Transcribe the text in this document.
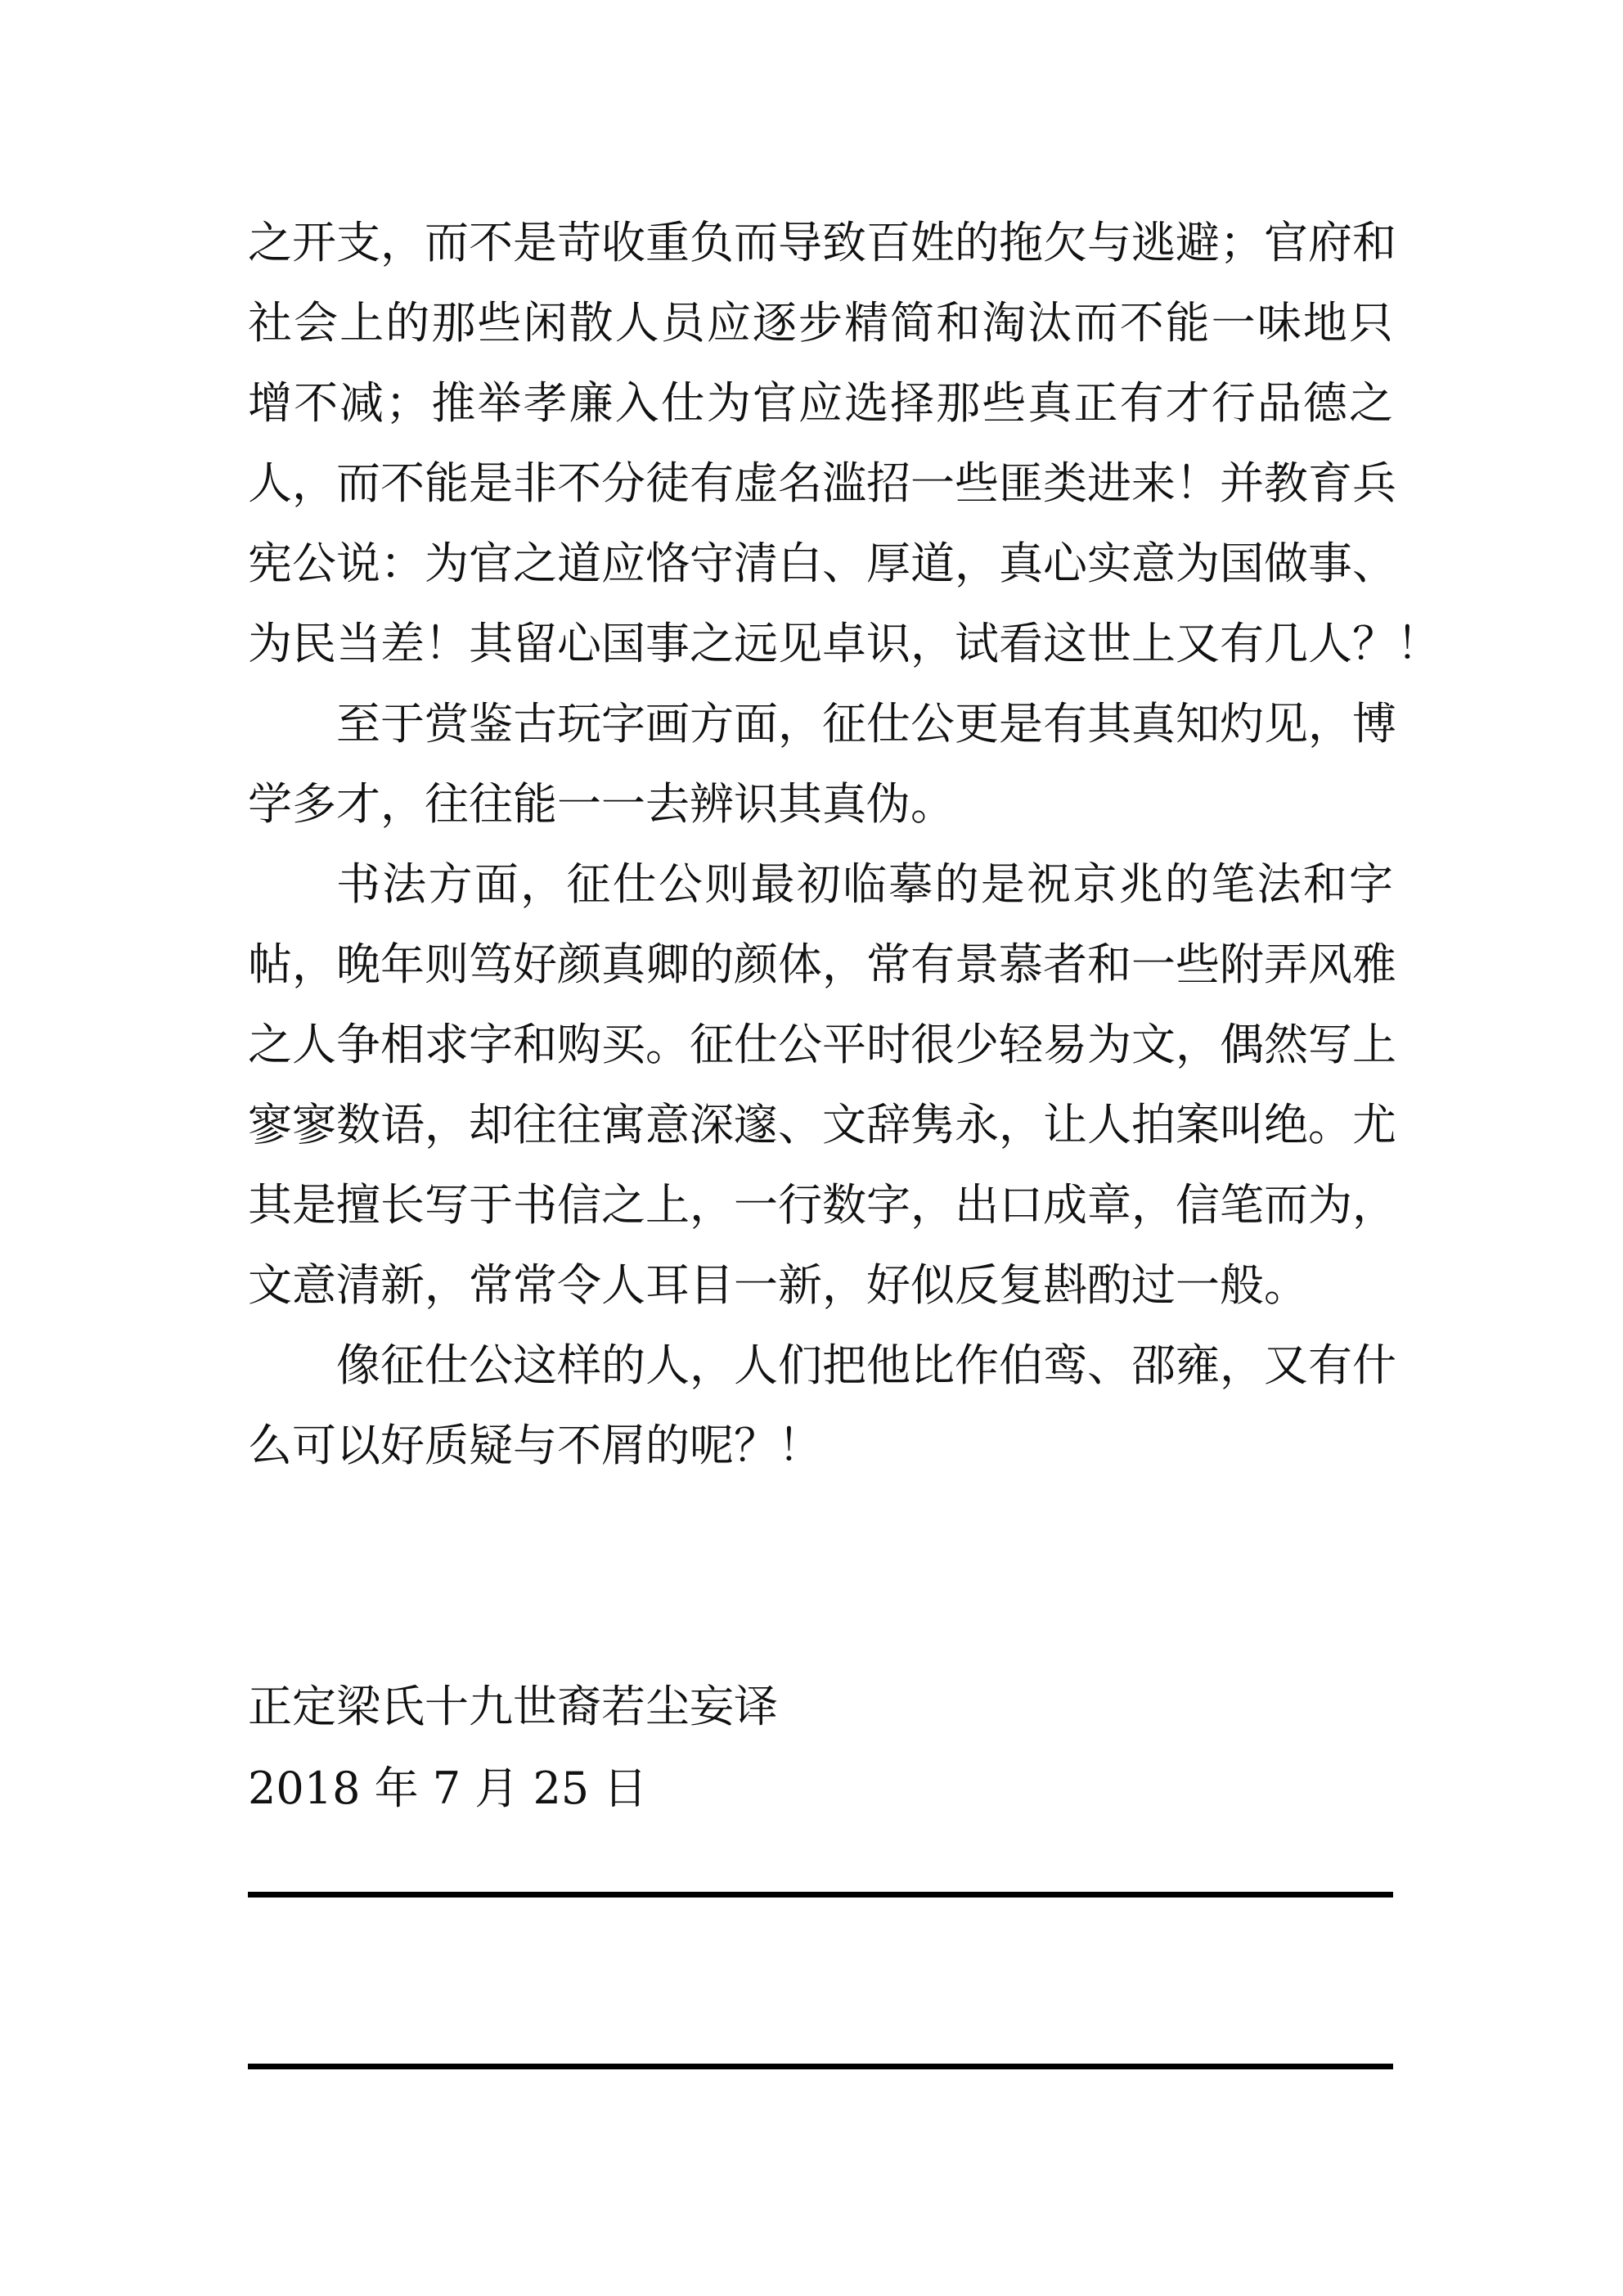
之开支，而不是苛收重负而导致百姓的拖欠与逃避；官府和
社会上的那些闲散人员应逐步精简和淘汰而不能一味地只
增不减；推举孝廉入仕为官应选择那些真正有才行品德之
人，而不能是非不分徒有虚名滥招一些匪类进来！并教育兵
宪公说：为官之道应恪守清白、厚道，真心实意为国做事、
为民当差！其留心国事之远见卓识，试看这世上又有几人？！
至于赏鉴古玩字画方面，征仕公更是有其真知灼见，博
学多才，往往能一一去辨识其真伪。
书法方面，征仕公则最初临摹的是祝京兆的笔法和字
帖，晚年则笃好颜真卿的颜体，常有景慕者和一些附弄风雅
之人争相求字和购买。征仕公平时很少轻易为文，偶然写上
寥寥数语，却往往寓意深邃、文辞隽永，让人拍案叫绝。尤
其是擅长写于书信之上，一行数字，出口成章，信笔而为，
文意清新，常常令人耳目一新，好似反复斟酌过一般。
像征仕公这样的人，人们把他比作伯鸾、邵雍，又有什
么可以好质疑与不屑的呢？！
正定梁氏十九世裔若尘妄译
2018 年 7 月 25 日
